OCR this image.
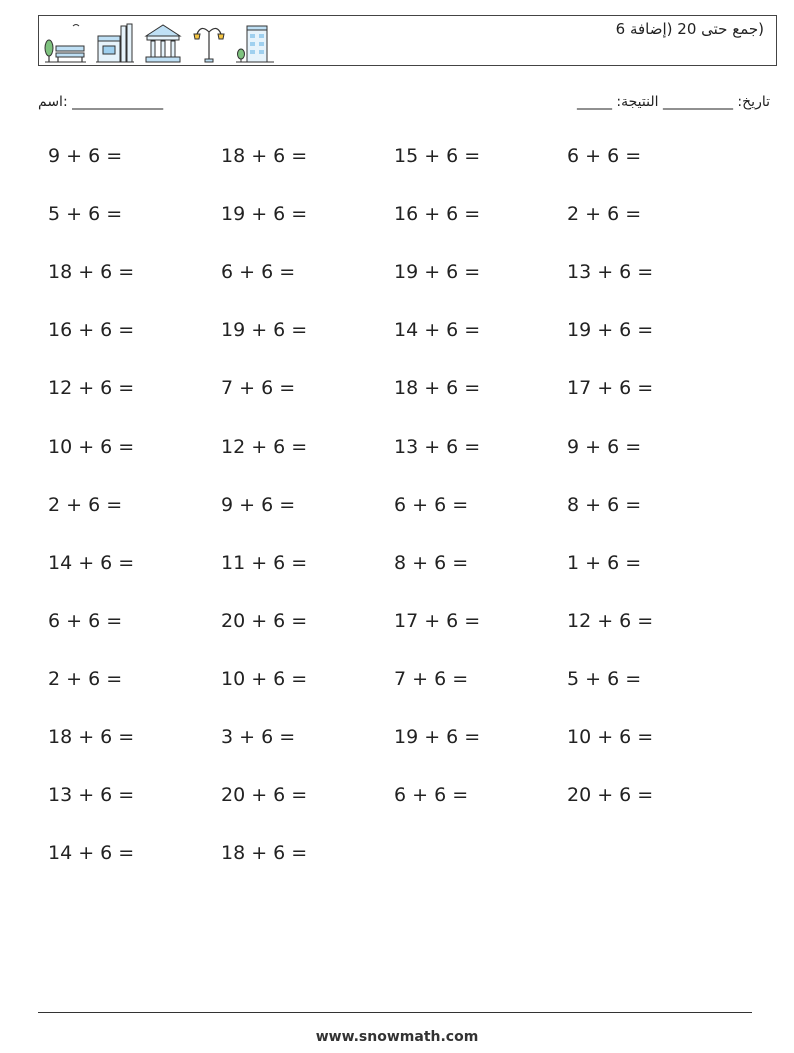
(جمع حتى 20 (إضافة 6
اسم: _____________	_____ :تاريخ: __________ النتيجة
9 + 6 =	18 + 6 =	15 + 6 =	6 + 6 =
5 + 6 =	19 + 6 =	16 + 6 =	2 + 6 =
18 + 6 =	6 + 6 =	19 + 6 =	13 + 6 =
16 + 6 =	19 + 6 =	14 + 6 =	19 + 6 =
12 + 6 =	7 + 6 =	18 + 6 =	17 + 6 =
10 + 6 =	12 + 6 =	13 + 6 =	9 + 6 =
2 + 6 =	9 + 6 =	6 + 6 =	8 + 6 =
14 + 6 =	11 + 6 =	8 + 6 =	1 + 6 =
6 + 6 =	20 + 6 =	17 + 6 =	12 + 6 =
2 + 6 =	10 + 6 =	7 + 6 =	5 + 6 =
18 + 6 =	3 + 6 =	19 + 6 =	10 + 6 =
13 + 6 =	20 + 6 =	6 + 6 =	20 + 6 =
14 + 6 =	18 + 6 =
www.snowmath.com
